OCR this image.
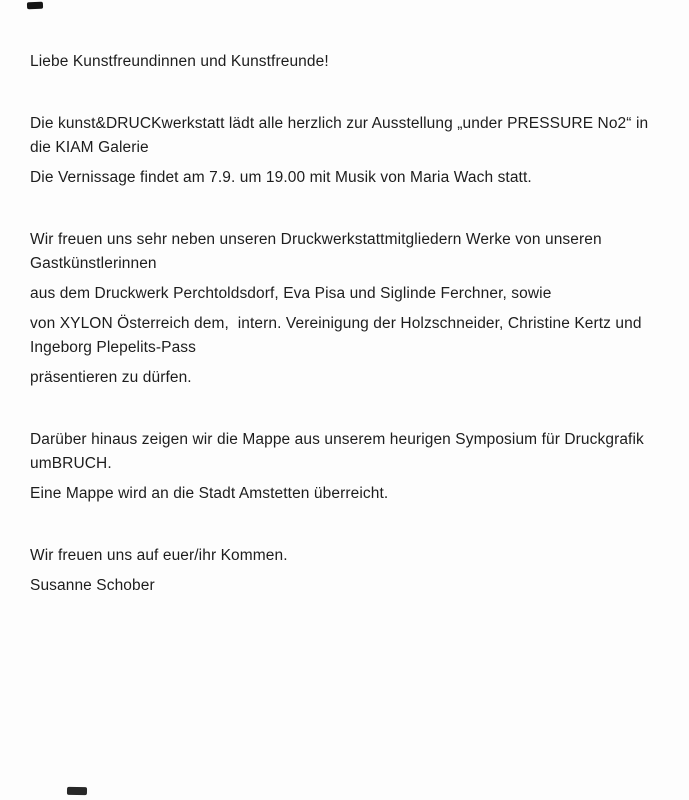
Liebe Kunstfreundinnen und Kunstfreunde!

Die kunst&DRUCKwerkstatt lädt alle herzlich zur Ausstellung „under PRESSURE No2“ in

die KIAM Galerie

Die Vernissage findet am 7.9. um 19.00 mit Musik von Maria Wach statt.

Wir freuen uns sehr neben unseren Druckwerkstattmitgliedern Werke von unseren

Gastkünstlerinnen

aus dem Druckwerk Perchtoldsdorf, Eva Pisa und Siglinde Ferchner, sowie

von XYLON Österreich dem,  intern. Vereinigung der Holzschneider, Christine Kertz und

Ingeborg Plepelits-Pass

präsentieren zu dürfen.

Darüber hinaus zeigen wir die Mappe aus unserem heurigen Symposium für Druckgrafik

umBRUCH.

Eine Mappe wird an die Stadt Amstetten überreicht.

Wir freuen uns auf euer/ihr Kommen.

Susanne Schober
